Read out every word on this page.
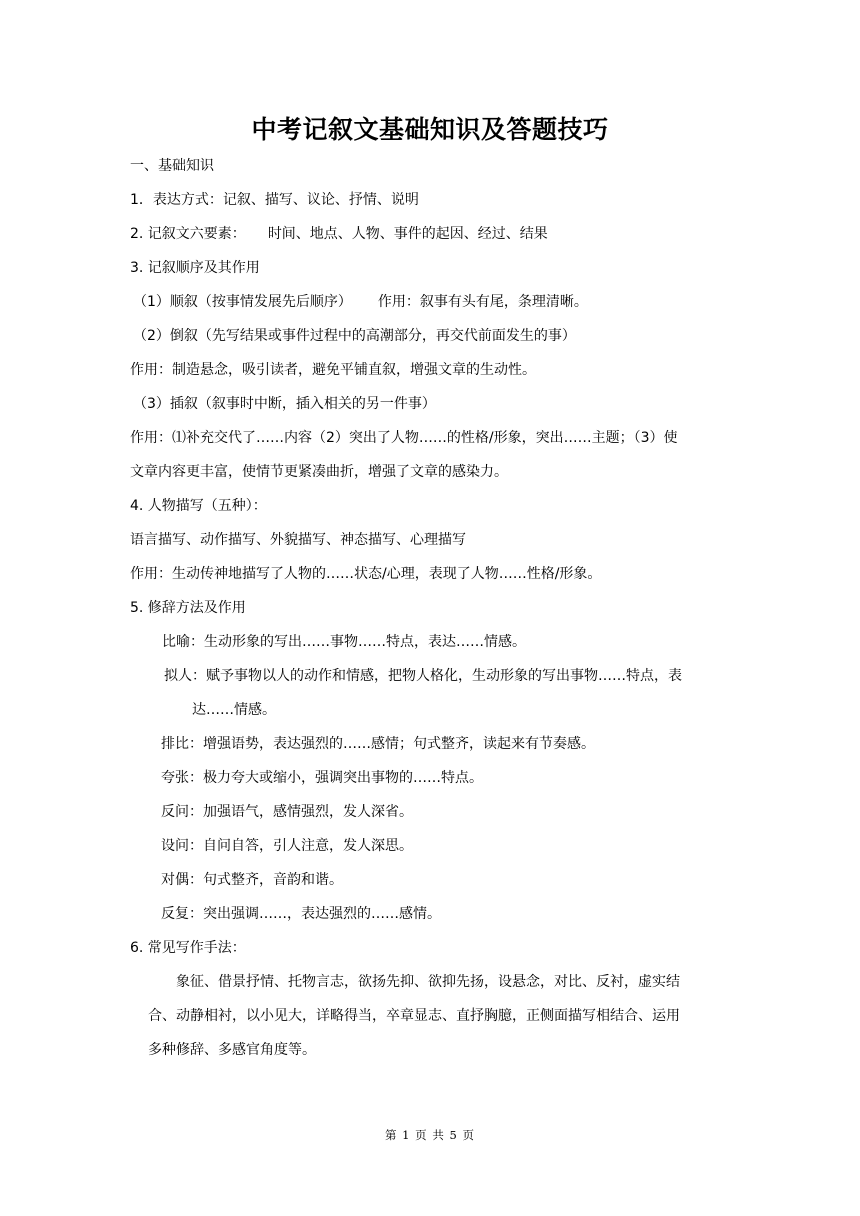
中考记叙文基础知识及答题技巧
一、基础知识
1．表达方式：记叙、描写、议论、抒情、说明
2. 记叙文六要素： 时间、地点、人物、事件的起因、经过、结果
3. 记叙顺序及其作用
（1）顺叙（按事情发展先后顺序） 作用：叙事有头有尾，条理清晰。
（2）倒叙（先写结果或事件过程中的高潮部分，再交代前面发生的事）
作用：制造悬念，吸引读者，避免平铺直叙，增强文章的生动性。
（3）插叙（叙事时中断，插入相关的另一件事）
作用：⑴补充交代了……内容（2）突出了人物……的性格/形象，突出……主题；（3）使
文章内容更丰富，使情节更紧凑曲折，增强了文章的感染力。
4. 人物描写（五种）：
语言描写、动作描写、外貌描写、神态描写、心理描写
作用：生动传神地描写了人物的……状态/心理，表现了人物……性格/形象。
5. 修辞方法及作用
比喻：生动形象的写出……事物……特点，表达……情感。
拟人：赋予事物以人的动作和情感，把物人格化，生动形象的写出事物……特点，表
达……情感。
排比：增强语势，表达强烈的……感情；句式整齐，读起来有节奏感。
夸张：极力夸大或缩小，强调突出事物的……特点。
反问：加强语气，感情强烈，发人深省。
设问：自问自答，引人注意，发人深思。
对偶：句式整齐，音韵和谐。
反复：突出强调……，表达强烈的……感情。
6. 常见写作手法：
象征、借景抒情、托物言志，欲扬先抑、欲抑先扬，设悬念，对比、反衬，虚实结
合、动静相衬，以小见大，详略得当，卒章显志、直抒胸臆，正侧面描写相结合、运用
多种修辞、多感官角度等。
第 1 页 共 5 页
